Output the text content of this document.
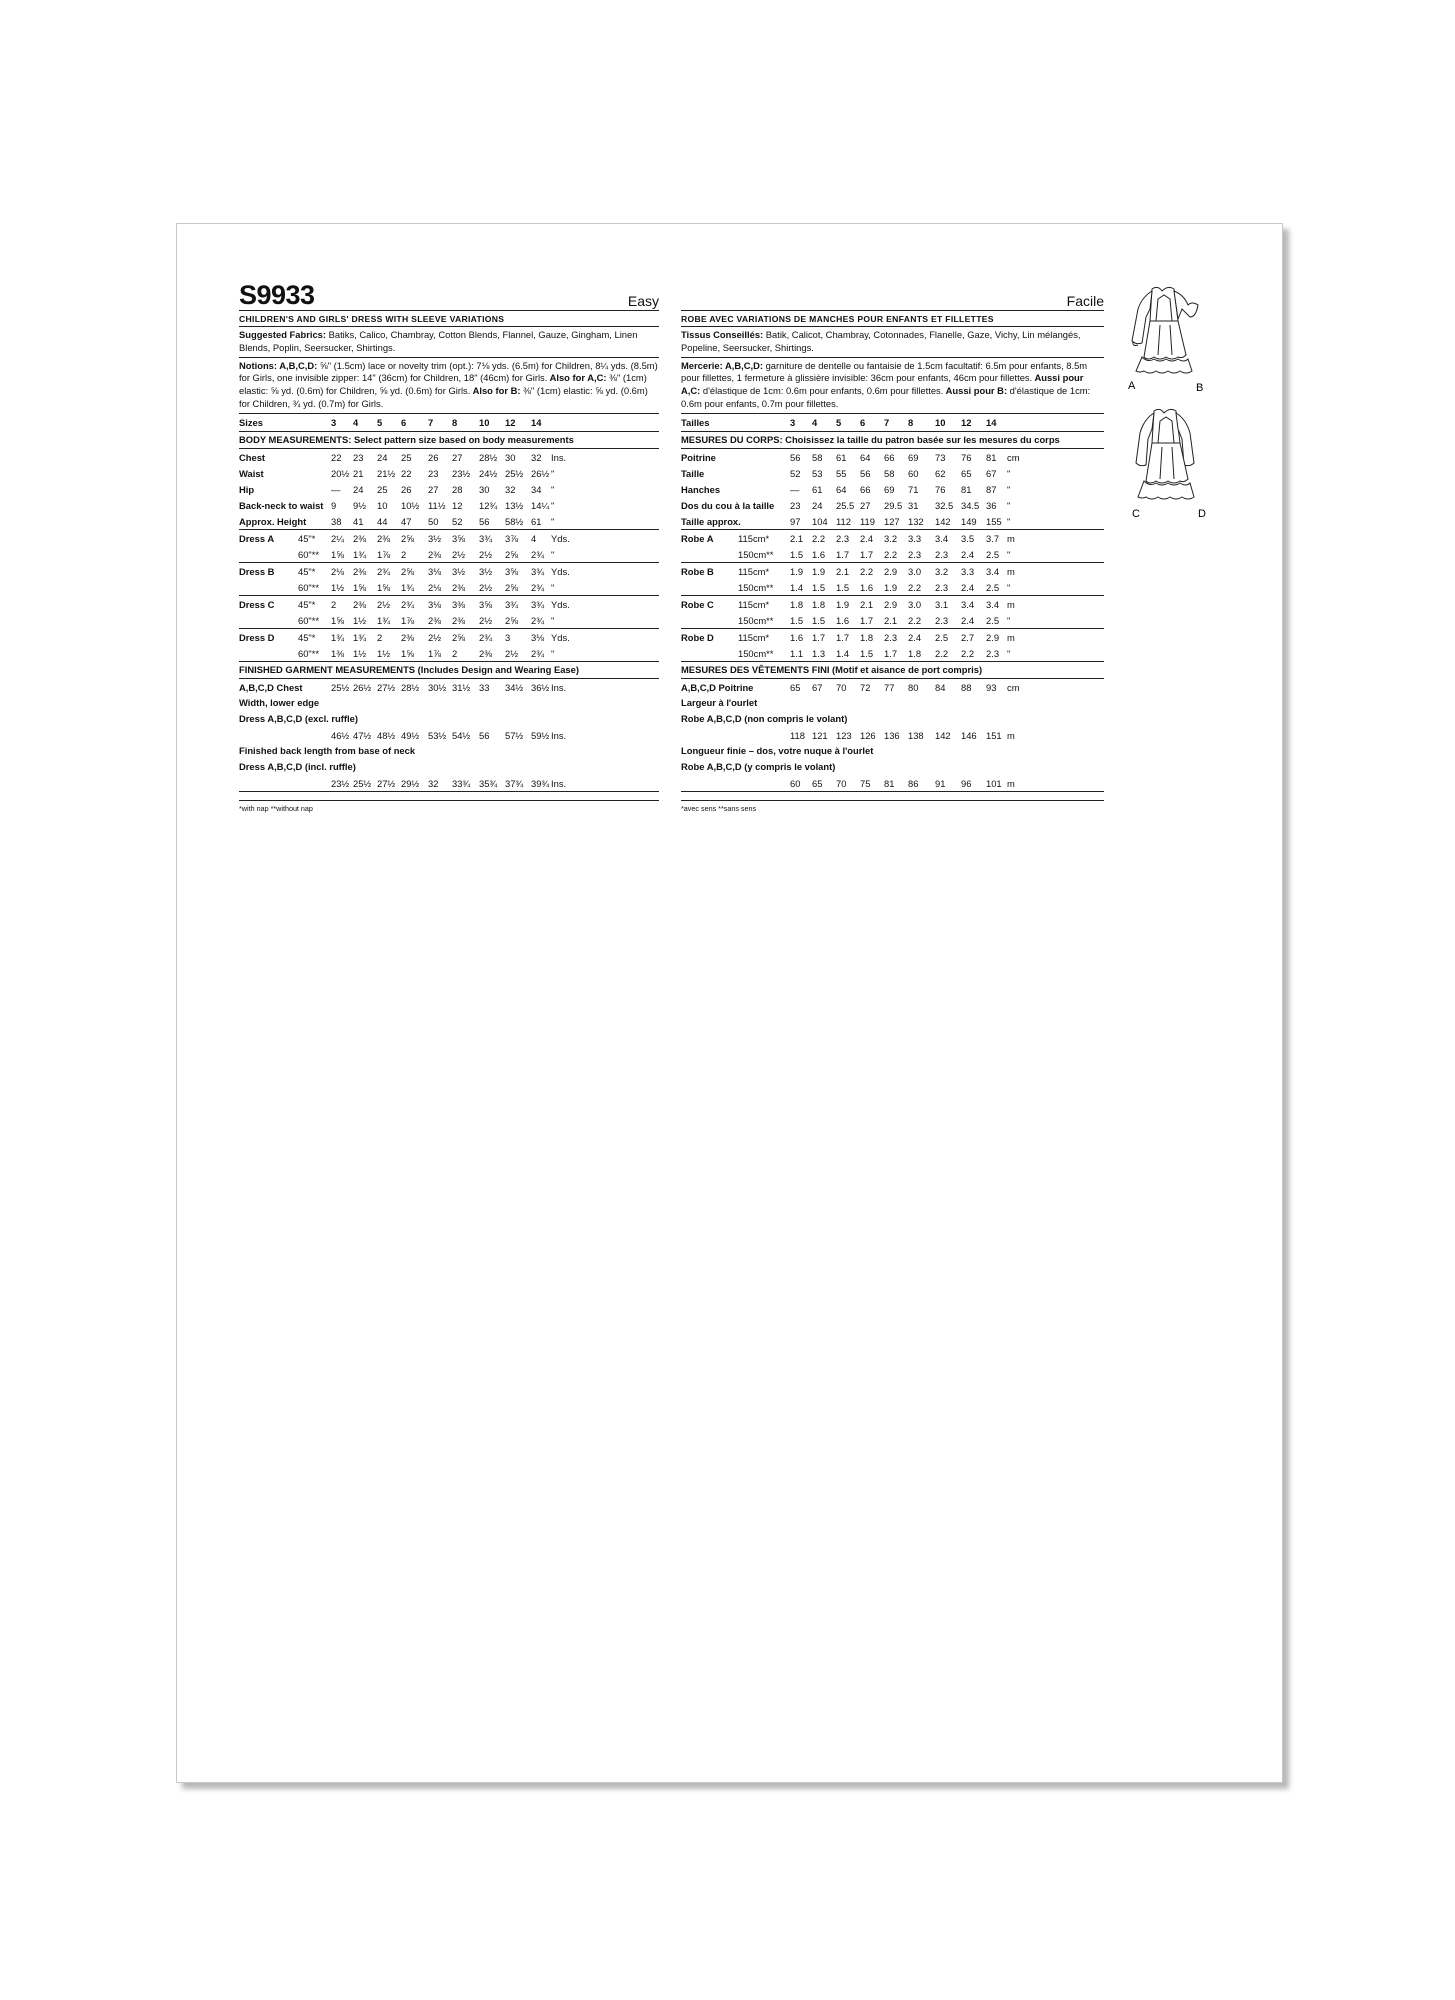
S9933	Easy
CHILDREN'S AND GIRLS' DRESS WITH SLEEVE VARIATIONS
Suggested Fabrics: Batiks, Calico, Chambray, Cotton Blends, Flannel, Gauze, Gingham, Linen Blends, Poplin, Seersucker, Shirtings.
Notions: A,B,C,D: ⅝" (1.5cm) lace or novelty trim (opt.): 7⅛ yds. (6.5m) for Children, 8¼ yds. (8.5m) for Girls, one invisible zipper: 14" (36cm) for Children, 18" (46cm) for Girls. Also for A,C: ⅜" (1cm) elastic: ⅝ yd. (0.6m) for Children, ⅝ yd. (0.6m) for Girls. Also for B: ⅜" (1cm) elastic: ⅝ yd. (0.6m) for Children, ¾ yd. (0.7m) for Girls.
Sizes	3 4 5 6 7 8 10 12 14
BODY MEASUREMENTS: Select pattern size based on body measurements
Chest	22 23 24 25 26 27 28½ 30 32 Ins.
Waist	20½ 21 21½ 22 23 23½ 24½ 25½ 26½ "
Hip	— 24 25 26 27 28 30 32 34 "
Back-neck to waist 9 9½ 10 10½ 11½ 12 12¾ 13½ 14¼ "
Approx. Height	38 41 44 47 50 52 56 58½ 61 "
Dress A	45"* 2¼ 2⅜ 2⅜ 2⅝ 3½ 3⅝ 3¾ 3⅞ 4 Yds.
60"** 1⅝ 1¾ 1⅞ 2 2⅜ 2½ 2½ 2⅝ 2¾ "
Dress B	45"* 2⅛ 2⅜ 2¾ 2⅝ 3⅛ 3½ 3½ 3⅝ 3¾ Yds.
60"** 1½ 1⅝ 1⅝ 1¾ 2⅛ 2⅜ 2½ 2⅝ 2¾ "
Dress C	45"* 2 2⅜ 2½ 2¾ 3⅛ 3⅜ 3⅝ 3¾ 3¾ Yds.
60"** 1⅝ 1½ 1¾ 1⅞ 2⅜ 2⅜ 2½ 2⅝ 2¾ "
Dress D	45"* 1¾ 1¾ 2 2⅜ 2½ 2⅝ 2¾ 3 3⅛ Yds.
60"** 1⅜ 1½ 1½ 1⅝ 1⅞ 2 2⅜ 2½ 2¾ "
FINISHED GARMENT MEASUREMENTS (Includes Design and Wearing Ease)
A,B,C,D Chest	25½ 26½ 27½ 28½ 30½ 31½ 33 34½ 36½ Ins.
Width, lower edge
Dress A,B,C,D (excl. ruffle)
46½ 47½ 48½ 49½ 53½ 54½ 56 57½ 59½ Ins.
Finished back length from base of neck
Dress A,B,C,D (incl. ruffle)
23½ 25½ 27½ 29½ 32 33¾ 35¾ 37¾ 39¾ Ins.
*with nap **without nap
Facile
ROBE AVEC VARIATIONS DE MANCHES POUR ENFANTS ET FILLETTES
Tissus Conseillés: Batik, Calicot, Chambray, Cotonnades, Flanelle, Gaze, Vichy, Lin mélangés, Popeline, Seersucker, Shirtings.
Mercerie: A,B,C,D: garniture de dentelle ou fantaisie de 1.5cm facultatif: 6.5m pour enfants, 8.5m pour fillettes, 1 fermeture à glissière invisible: 36cm pour enfants, 46cm pour fillettes. Aussi pour A,C: d'élastique de 1cm: 0.6m pour enfants, 0.6m pour fillettes. Aussi pour B: d'élastique de 1cm: 0.6m pour enfants, 0.7m pour fillettes.
Tailles	3 4 5 6 7 8 10 12 14
MESURES DU CORPS: Choisissez la taille du patron basée sur les mesures du corps
Poitrine	56 58 61 64 66 69 73 76 81 cm
Taille	52 53 55 56 58 60 62 65 67 "
Hanches	— 61 64 66 69 71 76 81 87 "
Dos du cou à la taille 23 24 25.5 27 29.5 31 32.5 34.5 36 "
Taille approx.	97 104 112 119 127 132 142 149 155 "
Robe A	115cm* 2.1 2.2 2.3 2.4 3.2 3.3 3.4 3.5 3.7 m
150cm** 1.5 1.6 1.7 1.7 2.2 2.3 2.3 2.4 2.5 "
Robe B	115cm* 1.9 1.9 2.1 2.2 2.9 3.0 3.2 3.3 3.4 m
150cm** 1.4 1.5 1.5 1.6 1.9 2.2 2.3 2.4 2.5 "
Robe C	115cm* 1.8 1.8 1.9 2.1 2.9 3.0 3.1 3.4 3.4 m
150cm** 1.5 1.5 1.6 1.7 2.1 2.2 2.3 2.4 2.5 "
Robe D	115cm* 1.6 1.7 1.7 1.8 2.3 2.4 2.5 2.7 2.9 m
150cm** 1.1 1.3 1.4 1.5 1.7 1.8 2.2 2.2 2.3 "
MESURES DES VÊTEMENTS FINI (Motif et aisance de port compris)
A,B,C,D Poitrine	65 67 70 72 77 80 84 88 93 cm
Largeur à l'ourlet
Robe A,B,C,D (non compris le volant)
118 121 123 126 136 138 142 146 151 m
Longueur finie – dos, votre nuque à l'ourlet
Robe A,B,C,D (y compris le volant)
60 65 70 75 81 86 91 96 101 m
*avec sens **sans sens
A	B
C	D
